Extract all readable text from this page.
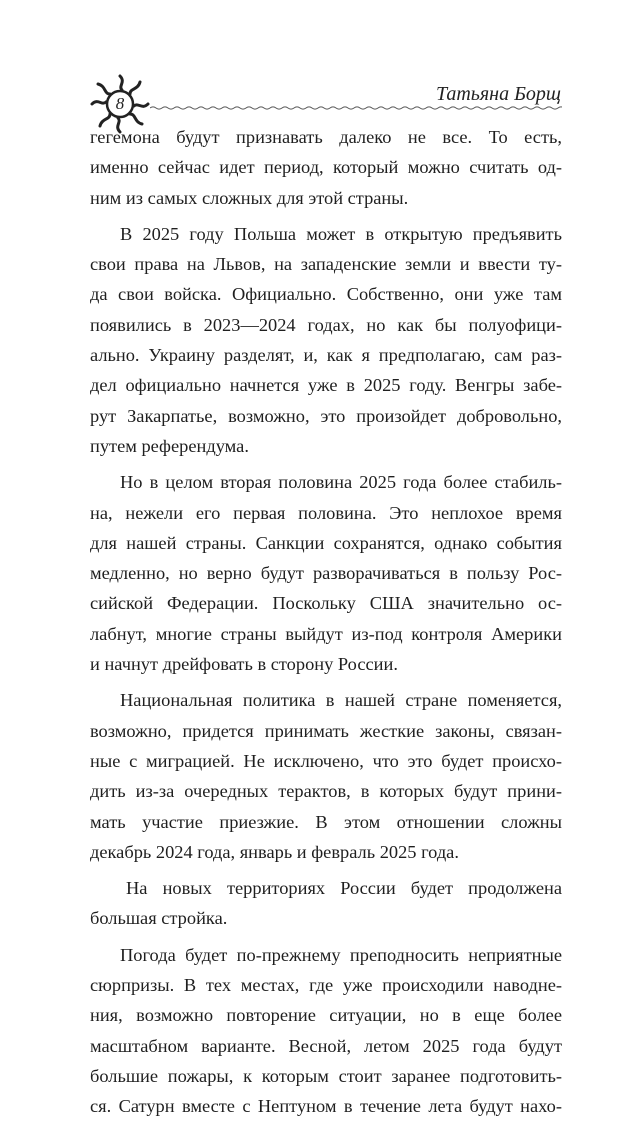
8	Татьяна Борщ
гегемона будут признавать далеко не все. То есть,
именно сейчас идет период, который можно считать од-
ним из самых сложных для этой страны.
В 2025 году Польша может в открытую предъявить
свои права на Львов, на западенские земли и ввести ту-
да свои войска. Официально. Собственно, они уже там
появились в 2023—2024 годах, но как бы полуофици-
ально. Украину разделят, и, как я предполагаю, сам раз-
дел официально начнется уже в 2025 году. Венгры забе-
рут Закарпатье, возможно, это произойдет добровольно,
путем референдума.
Но в целом вторая половина 2025 года более стабиль-
на, нежели его первая половина. Это неплохое время
для нашей страны. Санкции сохранятся, однако события
медленно, но верно будут разворачиваться в пользу Рос-
сийской Федерации. Поскольку США значительно ос-
лабнут, многие страны выйдут из-под контроля Америки
и начнут дрейфовать в сторону России.
Национальная политика в нашей стране поменяется,
возможно, придется принимать жесткие законы, связан-
ные с миграцией. Не исключено, что это будет происхо-
дить из-за очередных терактов, в которых будут прини-
мать участие приезжие. В этом отношении сложны
декабрь 2024 года, январь и февраль 2025 года.
На новых территориях России будет продолжена
большая стройка.
Погода будет по-прежнему преподносить неприятные
сюрпризы. В тех местах, где уже происходили наводне-
ния, возможно повторение ситуации, но в еще более
масштабном варианте. Весной, летом 2025 года будут
большие пожары, к которым стоит заранее подготовить-
ся. Сатурн вместе с Нептуном в течение лета будут нахо-
